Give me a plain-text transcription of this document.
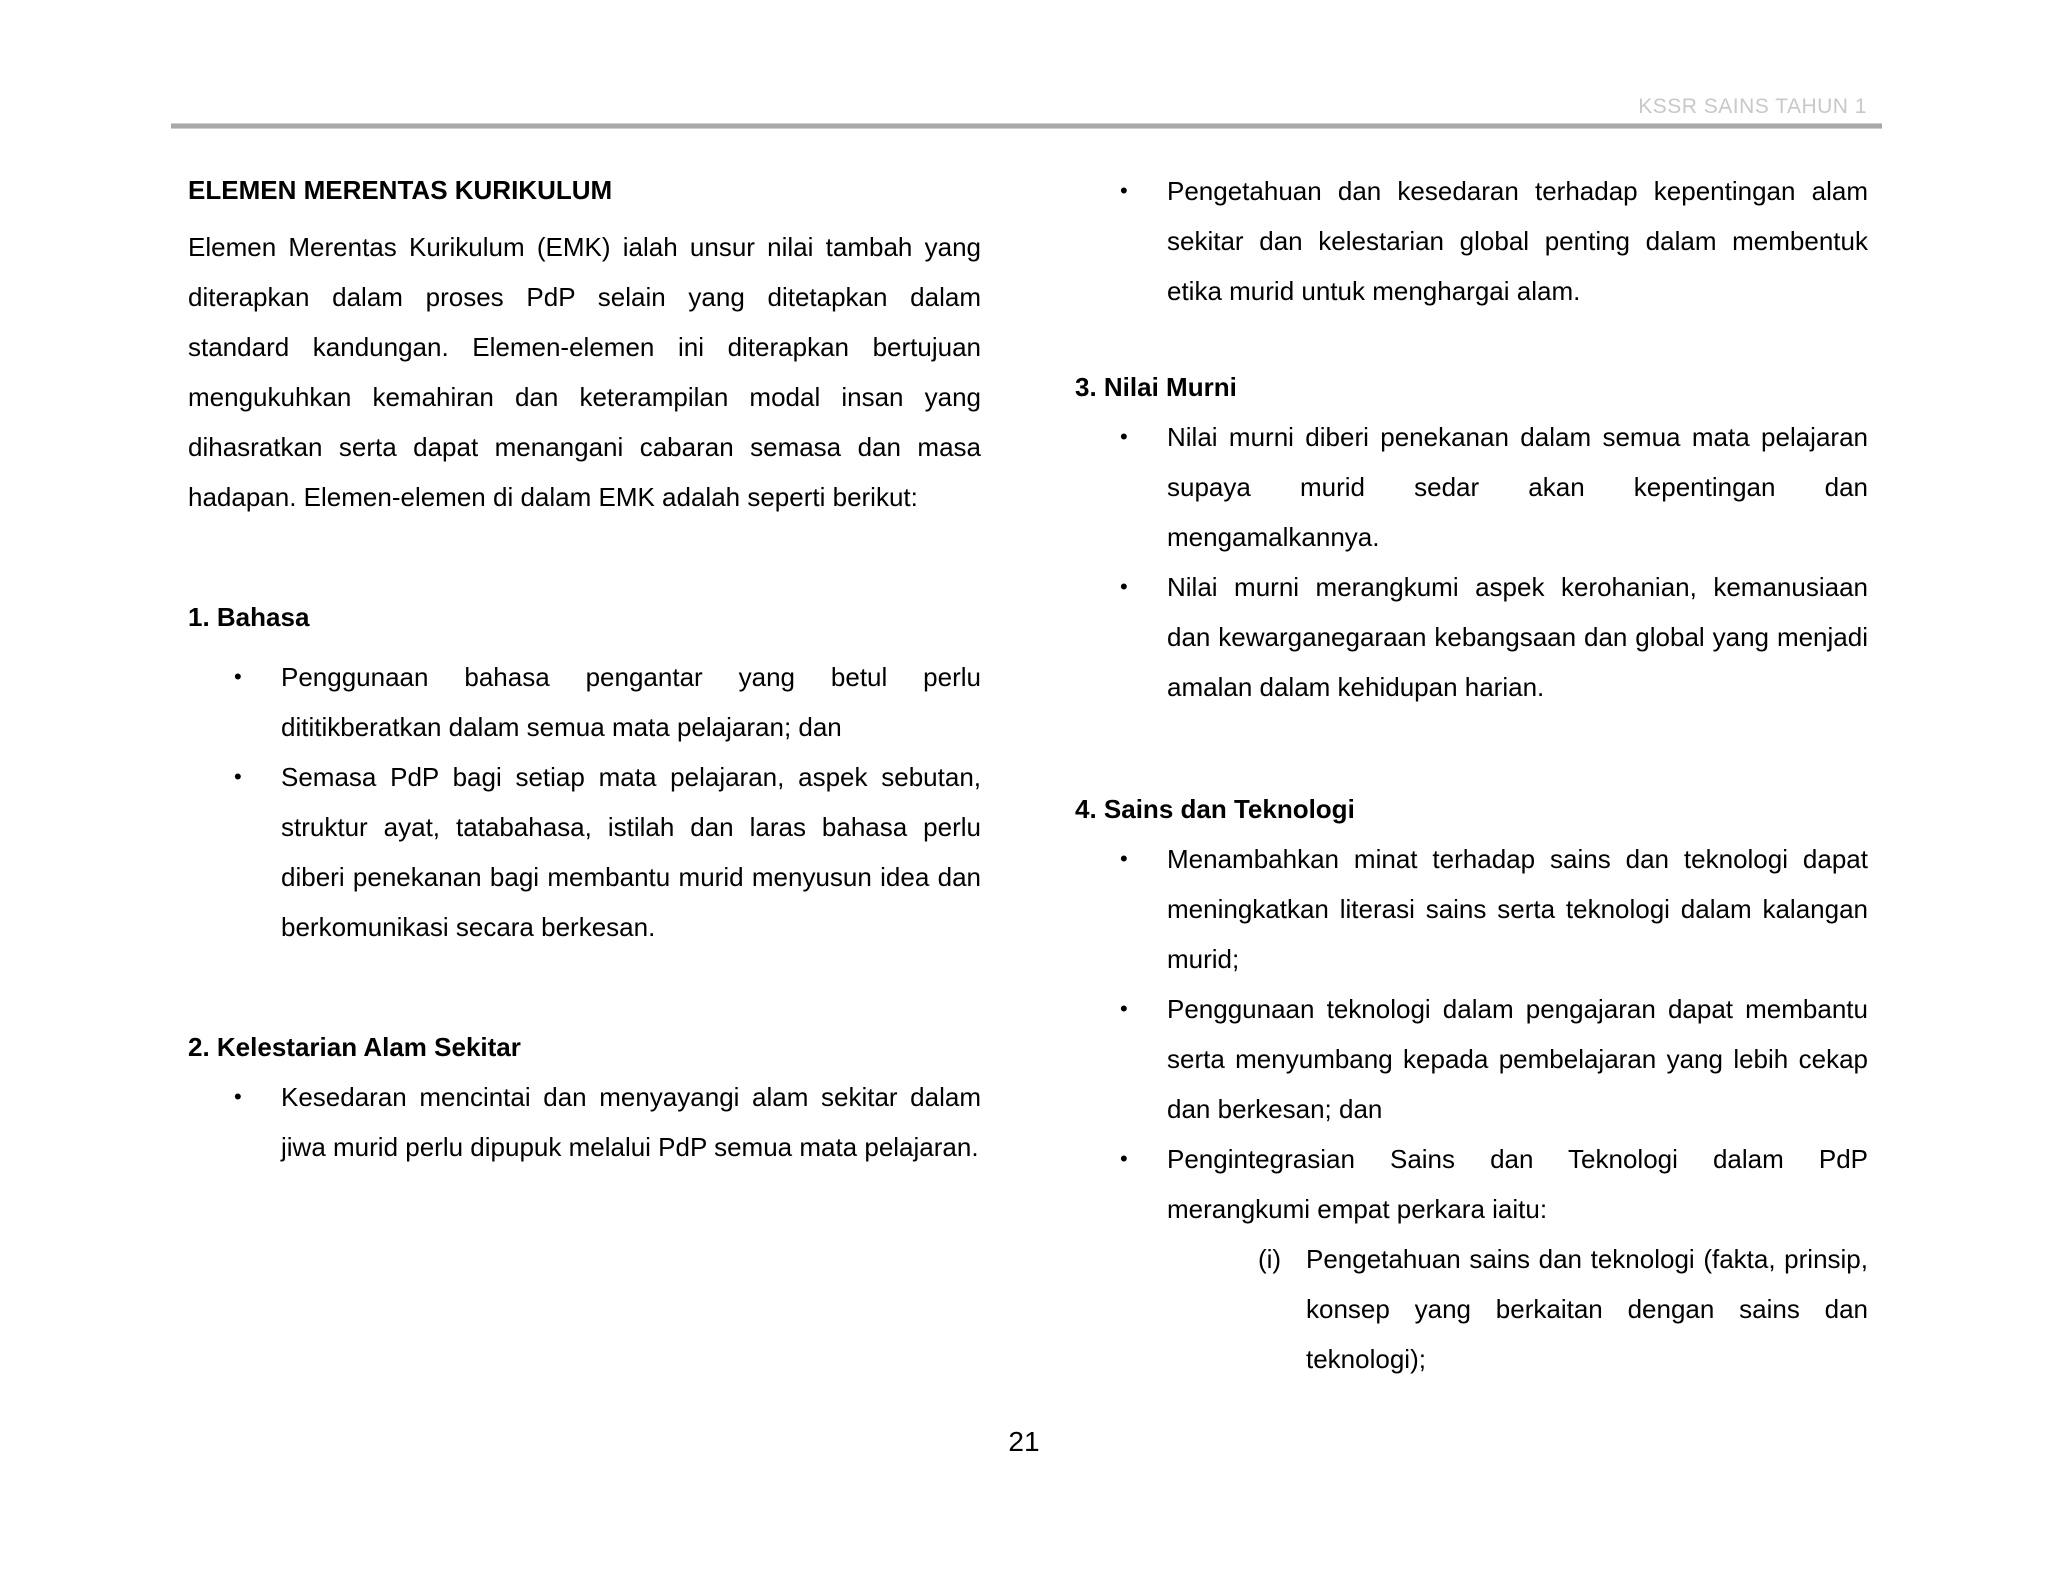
KSSR SAINS TAHUN 1

ELEMEN MERENTAS KURIKULUM

Elemen Merentas Kurikulum (EMK) ialah unsur nilai tambah yang diterapkan dalam proses PdP selain yang ditetapkan dalam standard kandungan. Elemen-elemen ini diterapkan bertujuan mengukuhkan kemahiran dan keterampilan modal insan yang dihasratkan serta dapat menangani cabaran semasa dan masa hadapan. Elemen-elemen di dalam EMK adalah seperti berikut:

1. Bahasa

• Penggunaan bahasa pengantar yang betul perlu dititikberatkan dalam semua mata pelajaran; dan
• Semasa PdP bagi setiap mata pelajaran, aspek sebutan, struktur ayat, tatabahasa, istilah dan laras bahasa perlu diberi penekanan bagi membantu murid menyusun idea dan berkomunikasi secara berkesan.

2. Kelestarian Alam Sekitar

• Kesedaran mencintai dan menyayangi alam sekitar dalam jiwa murid perlu dipupuk melalui PdP semua mata pelajaran.
• Pengetahuan dan kesedaran terhadap kepentingan alam sekitar dan kelestarian global penting dalam membentuk etika murid untuk menghargai alam.

3. Nilai Murni

• Nilai murni diberi penekanan dalam semua mata pelajaran supaya murid sedar akan kepentingan dan mengamalkannya.
• Nilai murni merangkumi aspek kerohanian, kemanusiaan dan kewarganegaraan kebangsaan dan global yang menjadi amalan dalam kehidupan harian.

4. Sains dan Teknologi

• Menambahkan minat terhadap sains dan teknologi dapat meningkatkan literasi sains serta teknologi dalam kalangan murid;
• Penggunaan teknologi dalam pengajaran dapat membantu serta menyumbang kepada pembelajaran yang lebih cekap dan berkesan; dan
• Pengintegrasian Sains dan Teknologi dalam PdP merangkumi empat perkara iaitu:
(i) Pengetahuan sains dan teknologi (fakta, prinsip, konsep yang berkaitan dengan sains dan teknologi);
21
